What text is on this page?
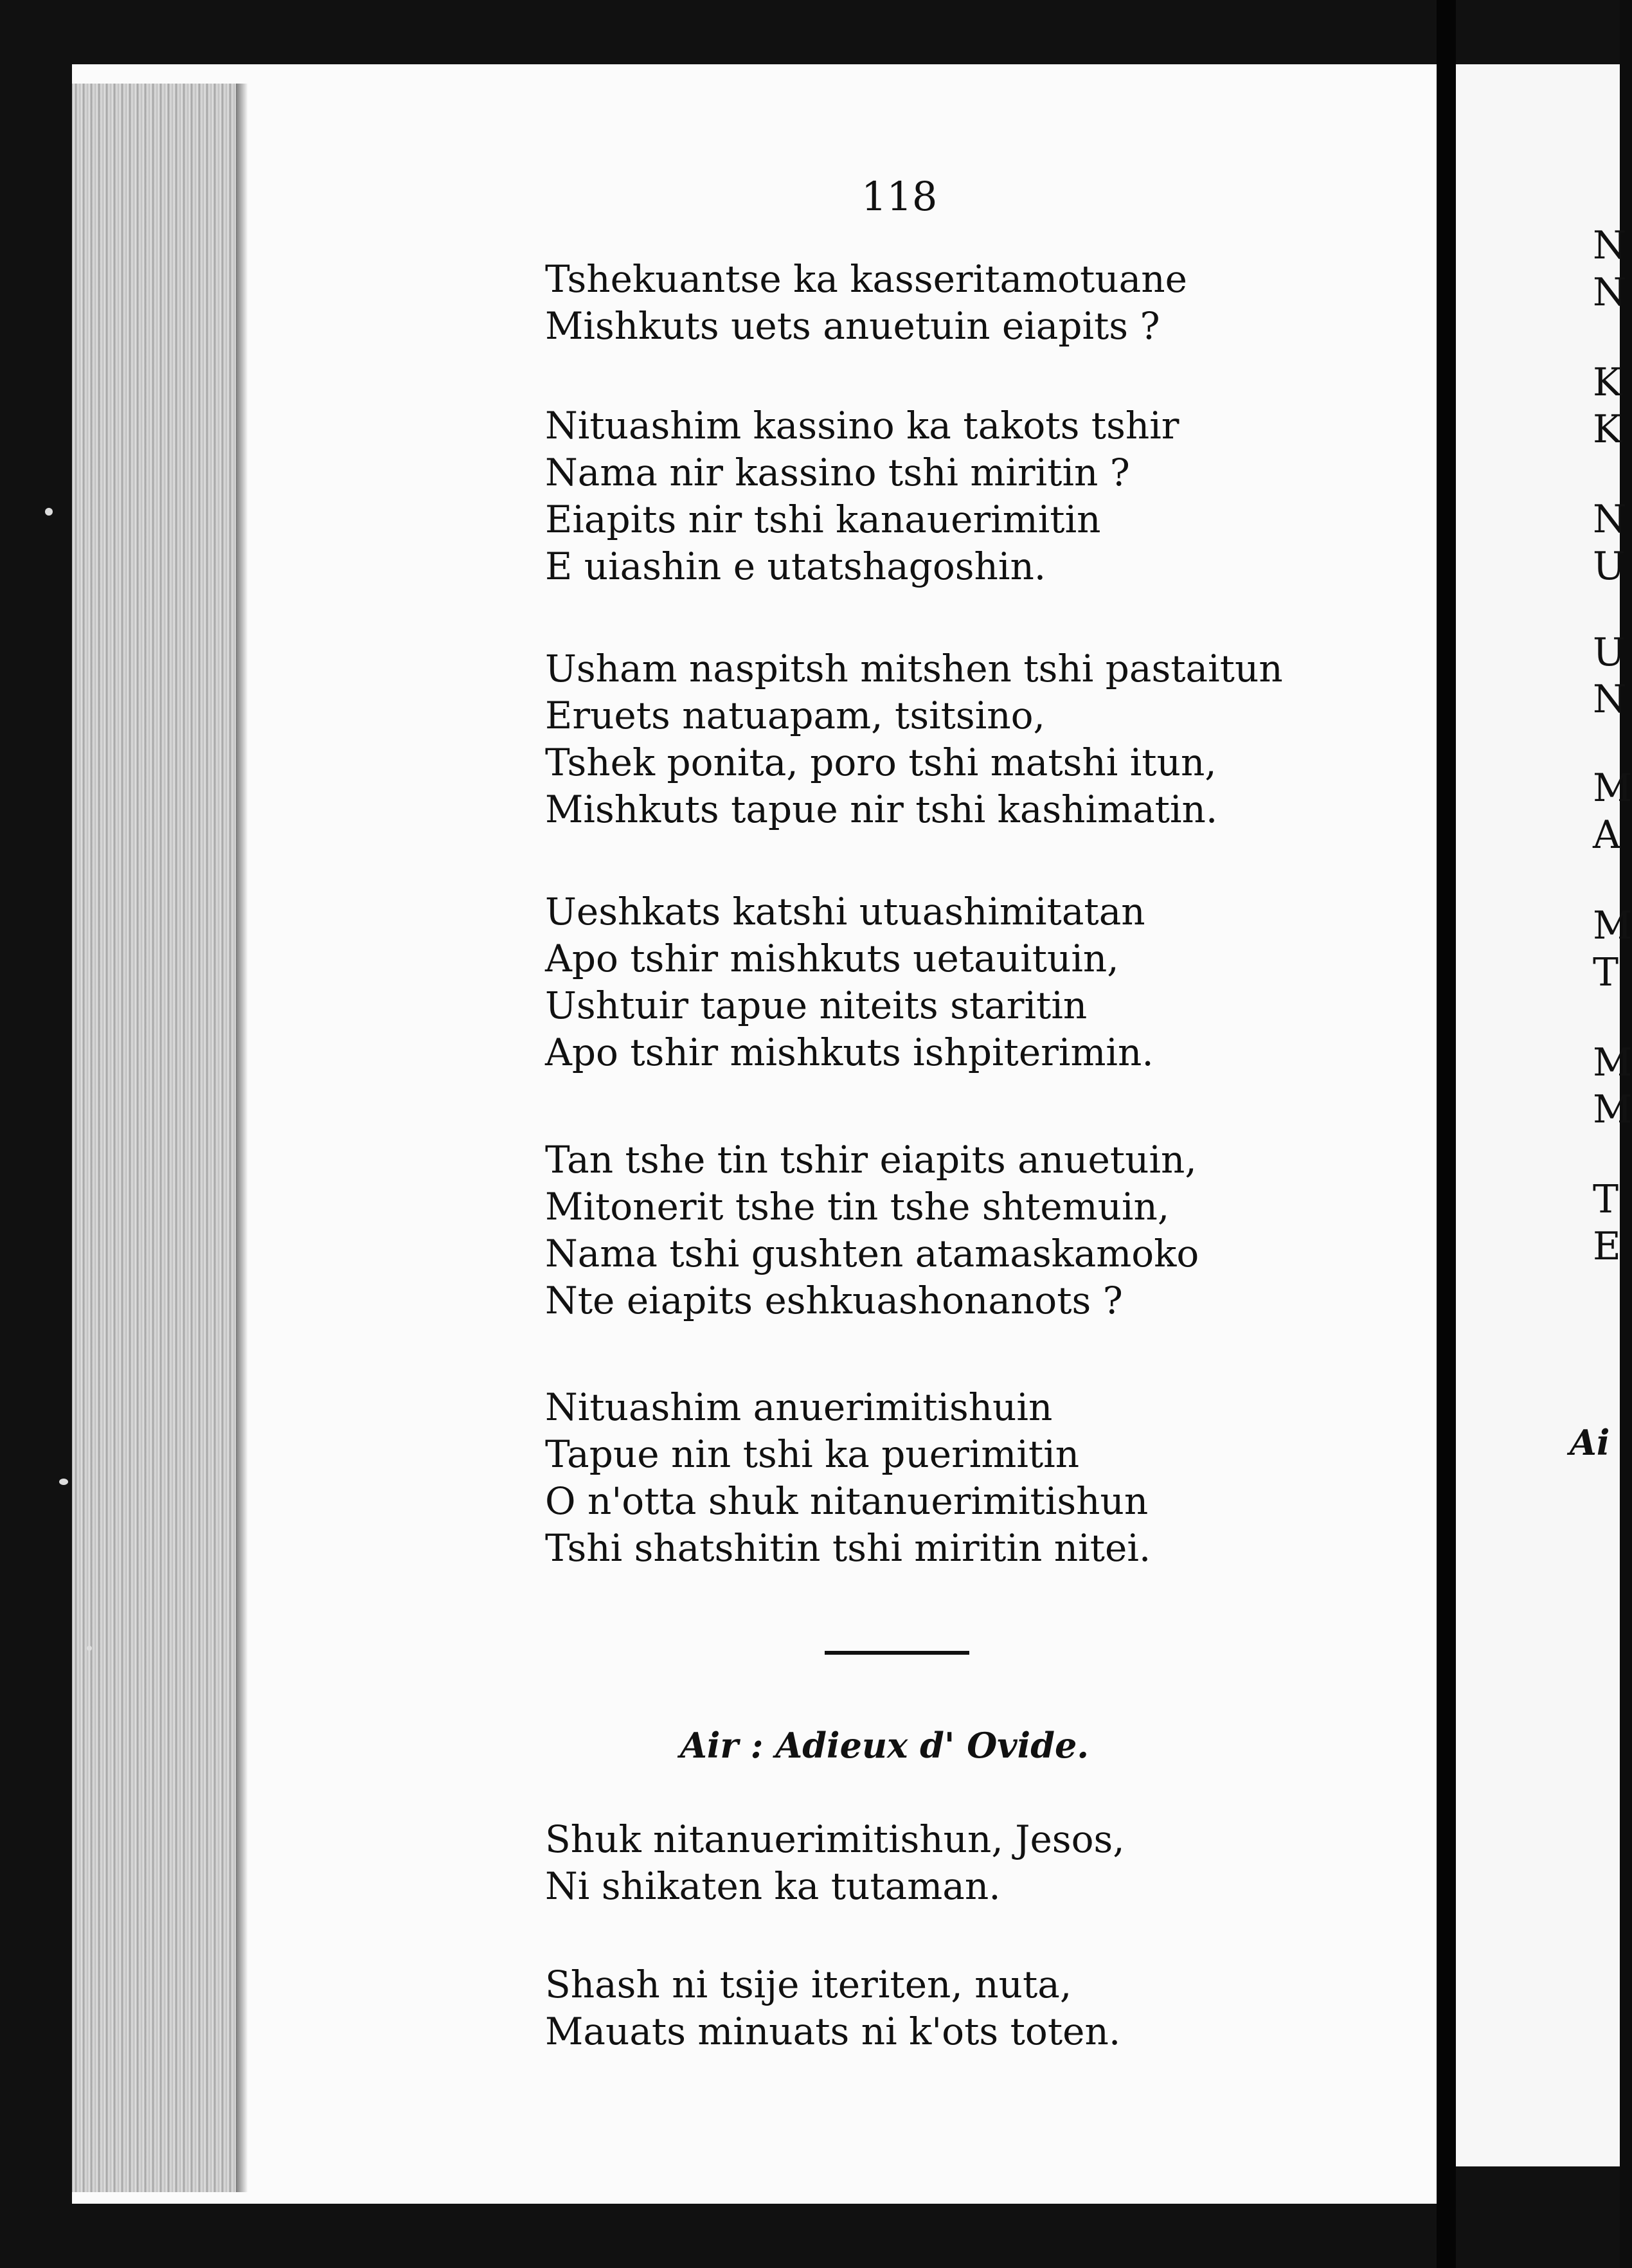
118
Tshekuantse ka kasseritamotuane
Mishkuts uets anuetuin eiapits ?
Nituashim kassino ka takots tshir
Nama nir kassino tshi miritin ?
Eiapits nir tshi kanauerimitin
E uiashin e utatshagoshin.
Usham naspitsh mitshen tshi pastaitun
Eruets natuapam, tsitsino,
Tshek ponita, poro tshi matshi itun,
Mishkuts tapue nir tshi kashimatin.
Ueshkats katshi utuashimitatan
Apo tshir mishkuts uetauituin,
Ushtuir tapue niteits staritin
Apo tshir mishkuts ishpiterimin.
Tan tshe tin tshir eiapits anuetuin,
Mitonerit tshe tin tshe shtemuin,
Nama tshi gushten atamaskamoko
Nte eiapits eshkuashonanots ?
Nituashim anuerimitishuin
Tapue nin tshi ka puerimitin
O n'otta shuk nitanuerimitishun
Tshi shatshitin tshi miritin nitei.
Air : Adieux d' Ovide.
Shuk nitanuerimitishun, Jesos,
Ni shikaten ka tutaman.
Shash ni tsije iteriten, nuta,
Mauats minuats ni k'ots toten.
N
N
K
K
N
U
U
N
M
A
M
T
M
M
T
E
Ai
